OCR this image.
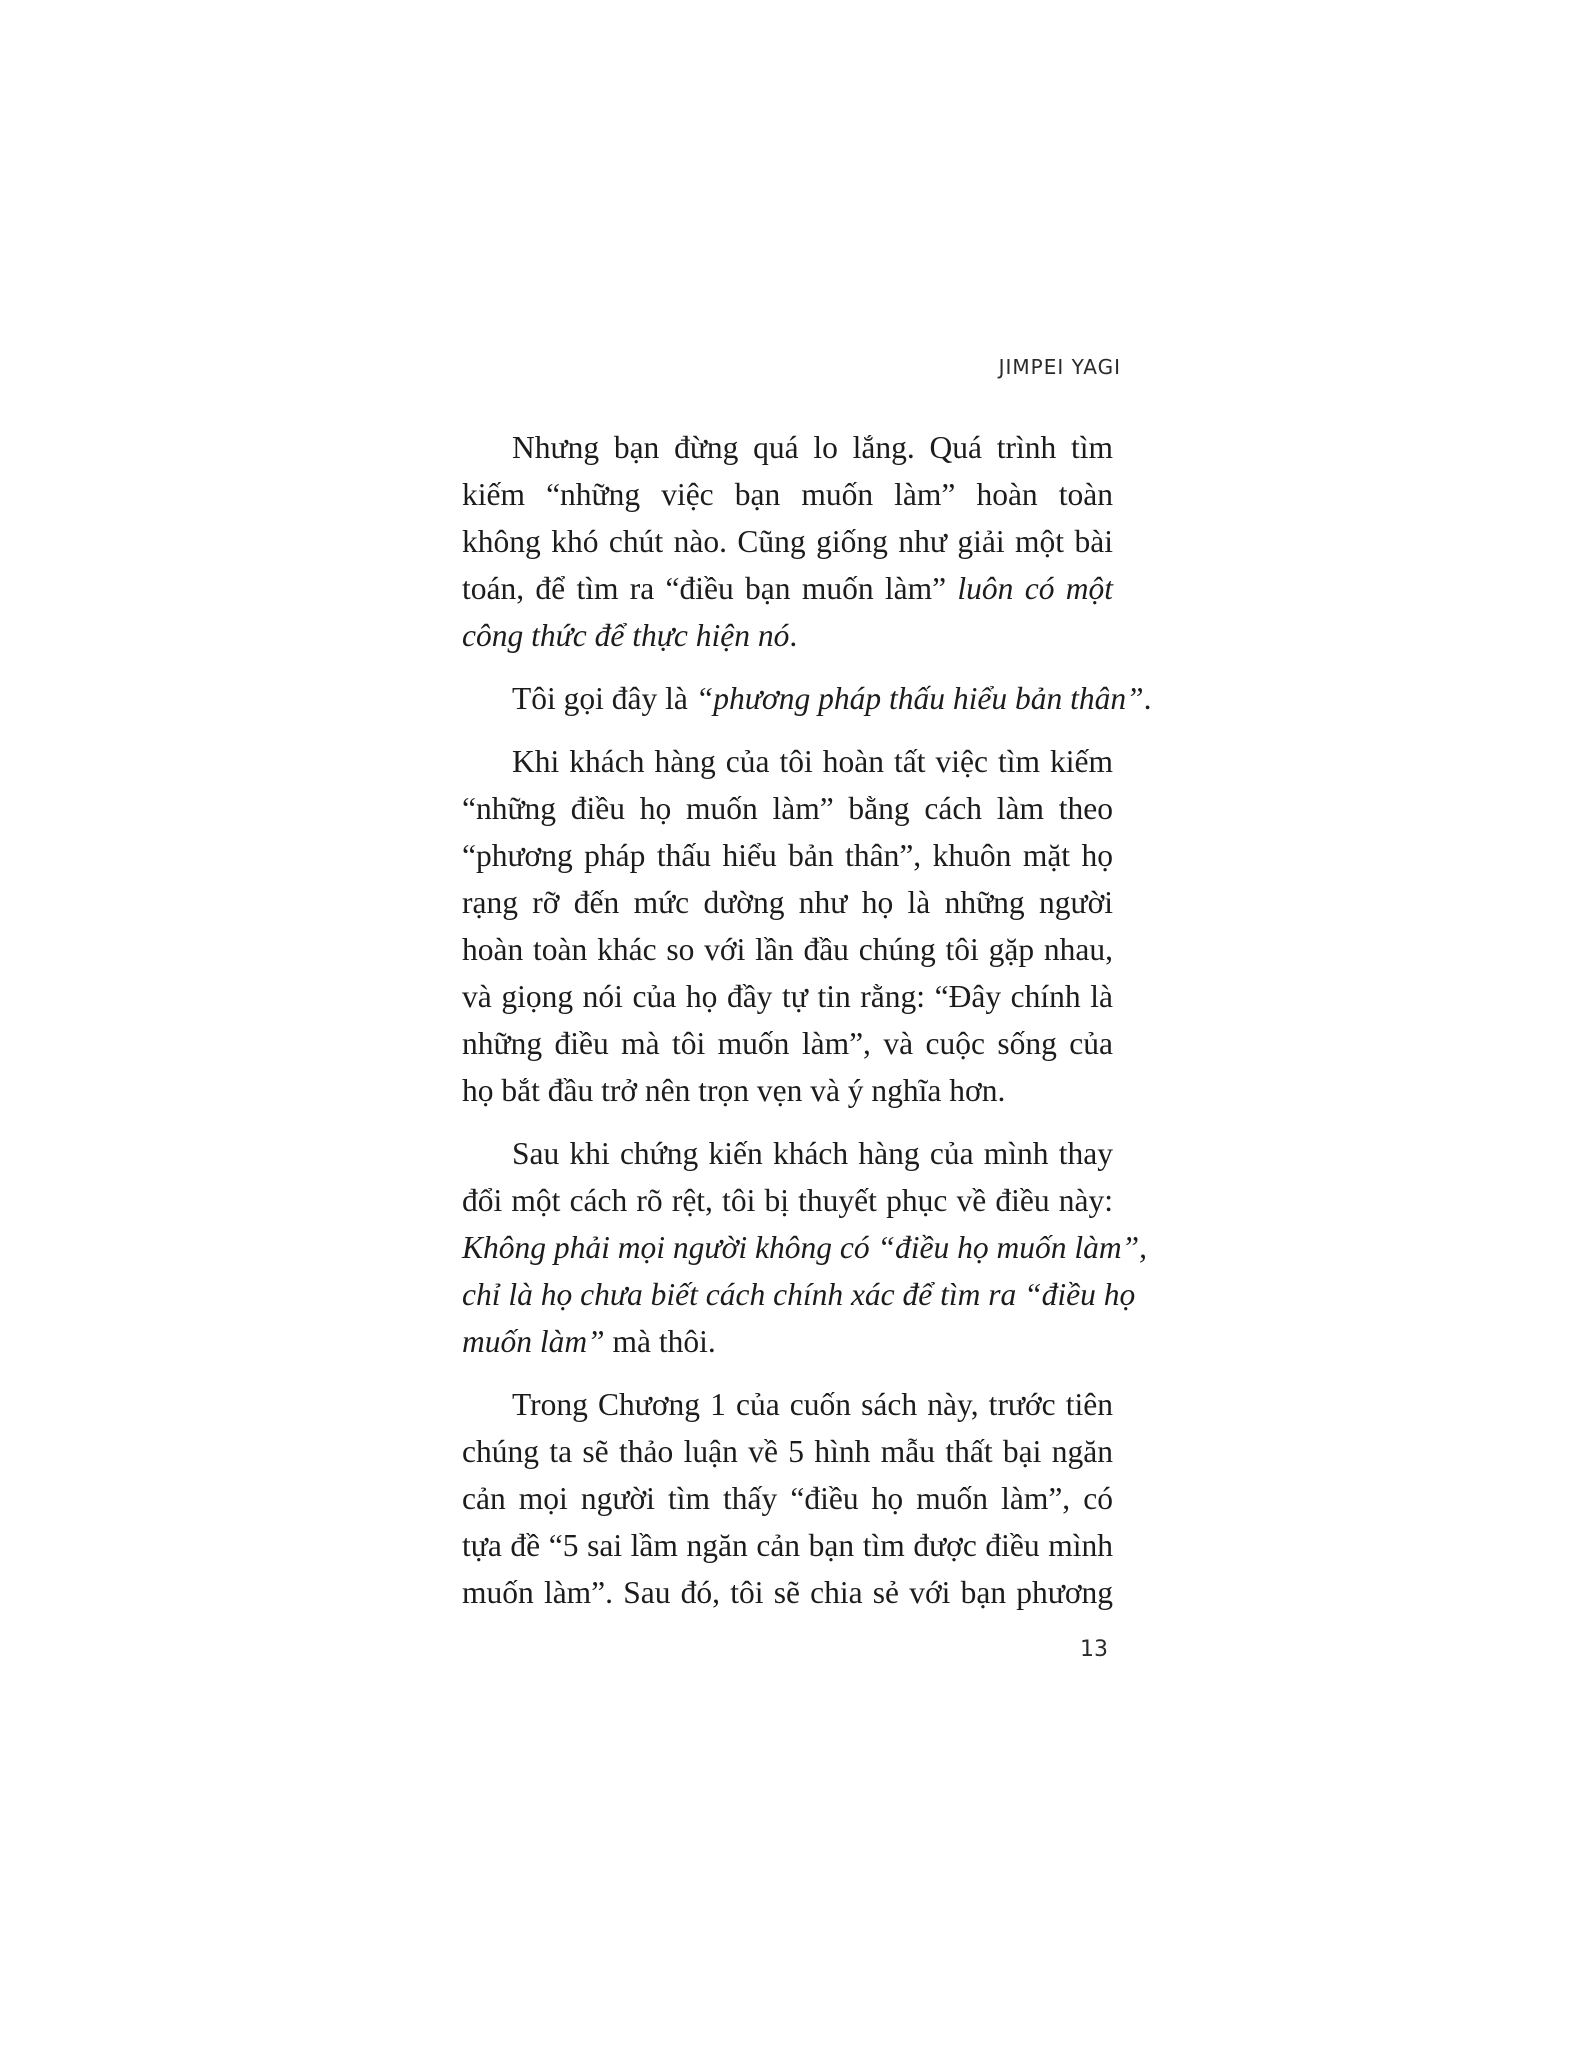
JIMPEI YAGI

Nhưng bạn đừng quá lo lắng. Quá trình tìm
kiếm “những việc bạn muốn làm” hoàn toàn
không khó chút nào. Cũng giống như giải một bài
toán, để tìm ra “điều bạn muốn làm” luôn có một
công thức để thực hiện nó.

Tôi gọi đây là “phương pháp thấu hiểu bản thân”.

Khi khách hàng của tôi hoàn tất việc tìm kiếm
“những điều họ muốn làm” bằng cách làm theo
“phương pháp thấu hiểu bản thân”, khuôn mặt họ
rạng rỡ đến mức dường như họ là những người
hoàn toàn khác so với lần đầu chúng tôi gặp nhau,
và giọng nói của họ đầy tự tin rằng: “Đây chính là
những điều mà tôi muốn làm”, và cuộc sống của
họ bắt đầu trở nên trọn vẹn và ý nghĩa hơn.

Sau khi chứng kiến khách hàng của mình thay
đổi một cách rõ rệt, tôi bị thuyết phục về điều này:
Không phải mọi người không có “điều họ muốn làm”,
chỉ là họ chưa biết cách chính xác để tìm ra “điều họ
muốn làm” mà thôi.

Trong Chương 1 của cuốn sách này, trước tiên
chúng ta sẽ thảo luận về 5 hình mẫu thất bại ngăn
cản mọi người tìm thấy “điều họ muốn làm”, có
tựa đề “5 sai lầm ngăn cản bạn tìm được điều mình
muốn làm”. Sau đó, tôi sẽ chia sẻ với bạn phương

13
